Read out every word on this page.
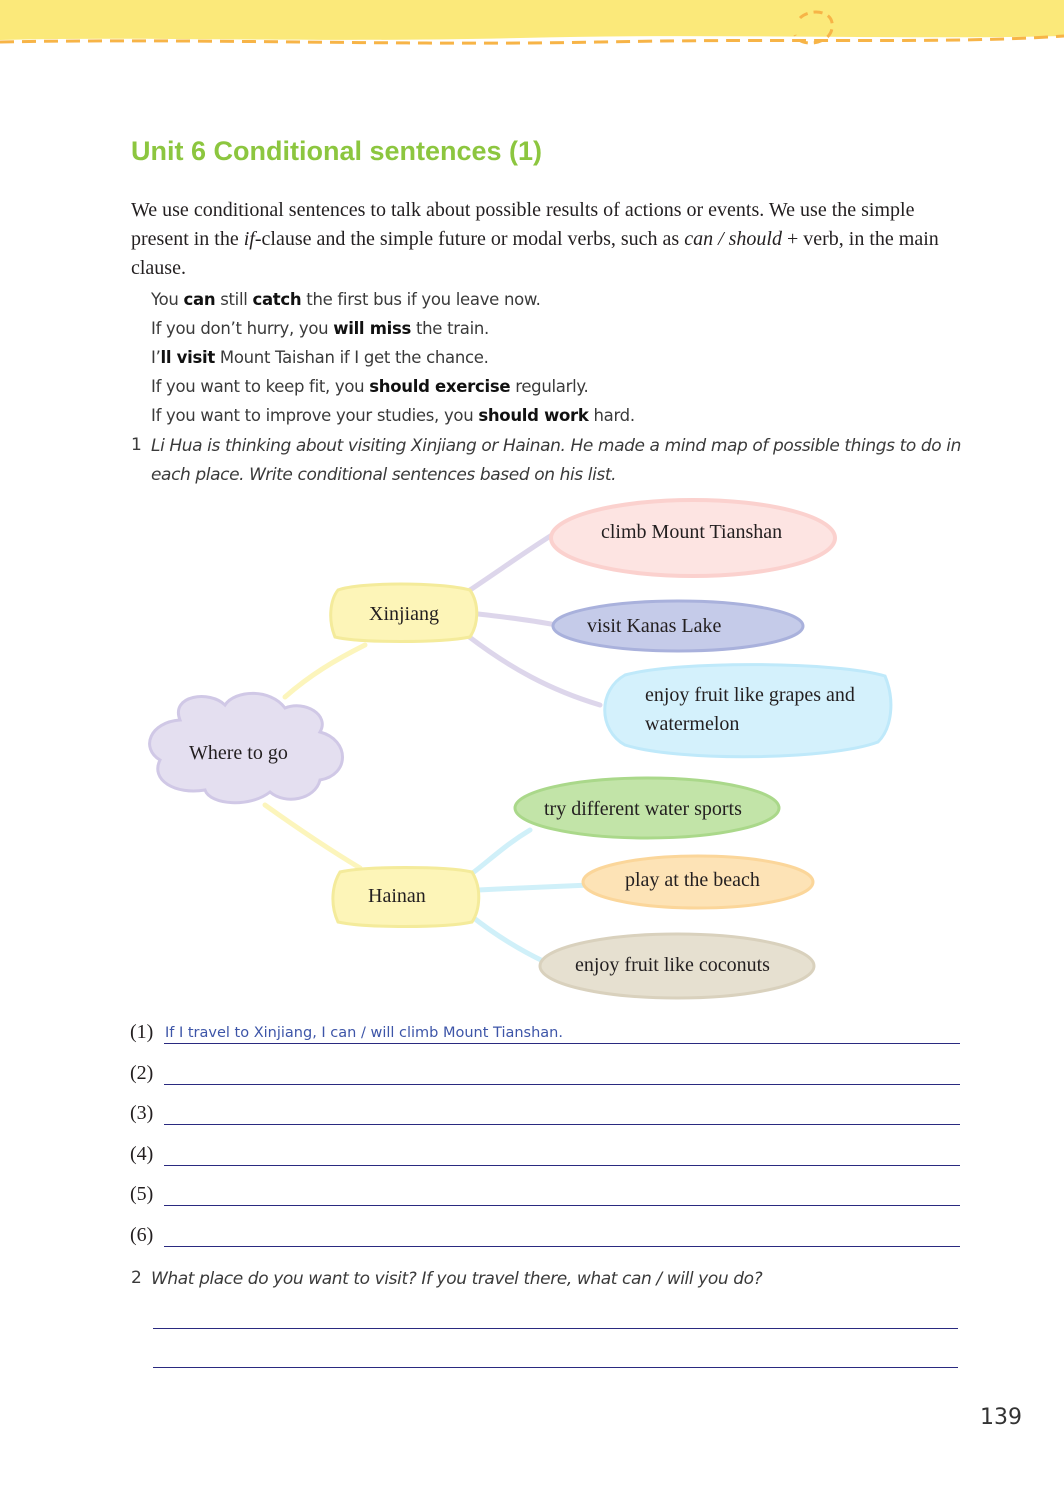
Unit 6 Conditional sentences (1)
We use conditional sentences to talk about possible results of actions or events. We use the simple present in the if-clause and the simple future or modal verbs, such as can / should + verb, in the main clause.
You can still catch the first bus if you leave now.
If you don’t hurry, you will miss the train.
I’ll visit Mount Taishan if I get the chance.
If you want to keep fit, you should exercise regularly.
If you want to improve your studies, you should work hard.
1 Li Hua is thinking about visiting Xinjiang or Hainan. He made a mind map of possible things to do in
each place. Write conditional sentences based on his list.
Where to go
Xinjiang
Hainan
climb Mount Tianshan
visit Kanas Lake
enjoy fruit like grapes and
watermelon
try different water sports
play at the beach
enjoy fruit like coconuts
(1) If I travel to Xinjiang, I can / will climb Mount Tianshan.
(2)
(3)
(4)
(5)
(6)
2 What place do you want to visit? If you travel there, what can / will you do?
139
